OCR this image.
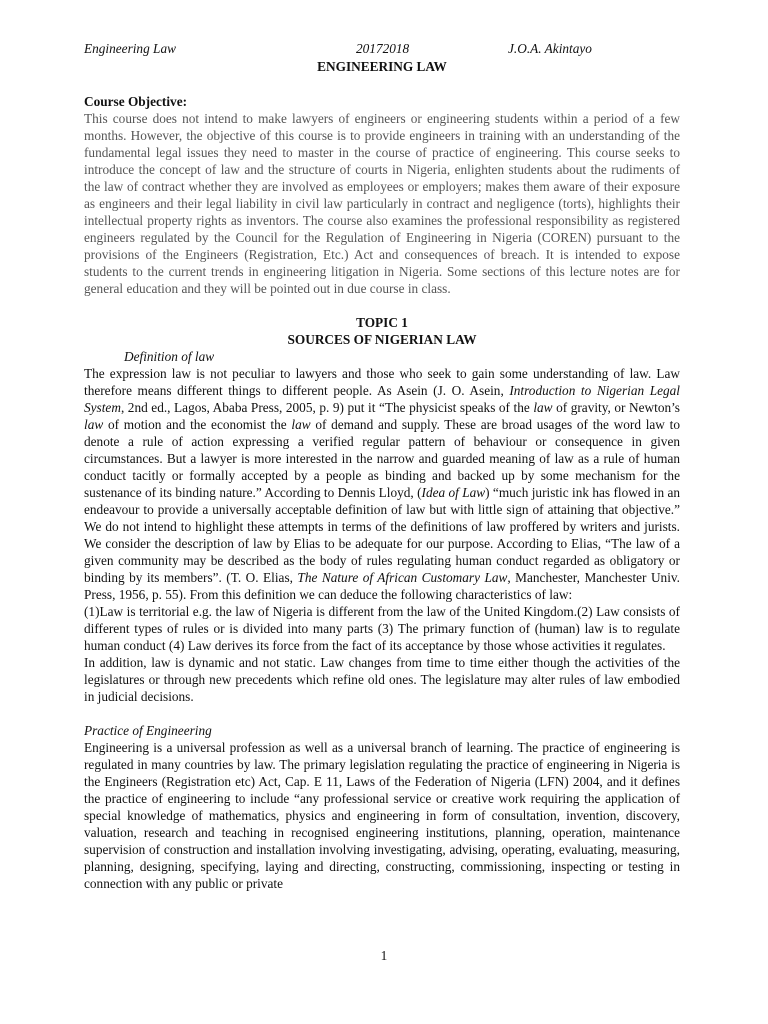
Engineering Law	20172018	J.O.A. Akintayo
ENGINEERING LAW
Course Objective:

This course does not intend to make lawyers of engineers or engineering students within a period of a few months. However, the objective of this course is to provide engineers in training with an understanding of the fundamental legal issues they need to master in the course of practice of engineering. This course seeks to introduce the concept of law and the structure of courts in Nigeria, enlighten students about the rudiments of the law of contract whether they are involved as employees or employers; makes them aware of their exposure as engineers and their legal liability in civil law particularly in contract and negligence (torts), highlights their intellectual property rights as inventors. The course also examines the professional responsibility as registered engineers regulated by the Council for the Regulation of Engineering in Nigeria (COREN) pursuant to the provisions of the Engineers (Registration, Etc.) Act and consequences of breach. It is intended to expose students to the current trends in engineering litigation in Nigeria. Some sections of this lecture notes are for general education and they will be pointed out in due course in class.

TOPIC 1
SOURCES OF NIGERIAN LAW
Definition of law

The expression law is not peculiar to lawyers and those who seek to gain some understanding of law. Law therefore means different things to different people. As Asein (J. O. Asein, Introduction to Nigerian Legal System, 2nd ed., Lagos, Ababa Press, 2005, p. 9) put it “The physicist speaks of the law of gravity, or Newton’s law of motion and the economist the law of demand and supply. These are broad usages of the word law to denote a rule of action expressing a verified regular pattern of behaviour or consequence in given circumstances. But a lawyer is more interested in the narrow and guarded meaning of law as a rule of human conduct tacitly or formally accepted by a people as binding and backed up by some mechanism for the sustenance of its binding nature.” According to Dennis Lloyd, (Idea of Law) “much juristic ink has flowed in an endeavour to provide a universally acceptable definition of law but with little sign of attaining that objective.” We do not intend to highlight these attempts in terms of the definitions of law proffered by writers and jurists. We consider the description of law by Elias to be adequate for our purpose. According to Elias, “The law of a given community may be described as the body of rules regulating human conduct regarded as obligatory or binding by its members”. (T. O. Elias, The Nature of African Customary Law, Manchester, Manchester Univ. Press, 1956, p. 55). From this definition we can deduce the following characteristics of law:

(1)Law is territorial e.g. the law of Nigeria is different from the law of the United Kingdom.(2) Law consists of different types of rules or is divided into many parts (3) The primary function of (human) law is to regulate human conduct (4) Law derives its force from the fact of its acceptance by those whose activities it regulates.

In addition, law is dynamic and not static. Law changes from time to time either though the activities of the legislatures or through new precedents which refine old ones. The legislature may alter rules of law embodied in judicial decisions.

Practice of Engineering

Engineering is a universal profession as well as a universal branch of learning. The practice of engineering is regulated in many countries by law. The primary legislation regulating the practice of engineering in Nigeria is the Engineers (Registration etc) Act, Cap. E 11, Laws of the Federation of Nigeria (LFN) 2004, and it defines the practice of engineering to include “any professional service or creative work requiring the application of special knowledge of mathematics, physics and engineering in form of consultation, invention, discovery, valuation, research and teaching in recognised engineering institutions, planning, operation, maintenance supervision of construction and installation involving investigating, advising, operating, evaluating, measuring, planning, designing, specifying, laying and directing, constructing, commissioning, inspecting or testing in connection with any public or private

1
